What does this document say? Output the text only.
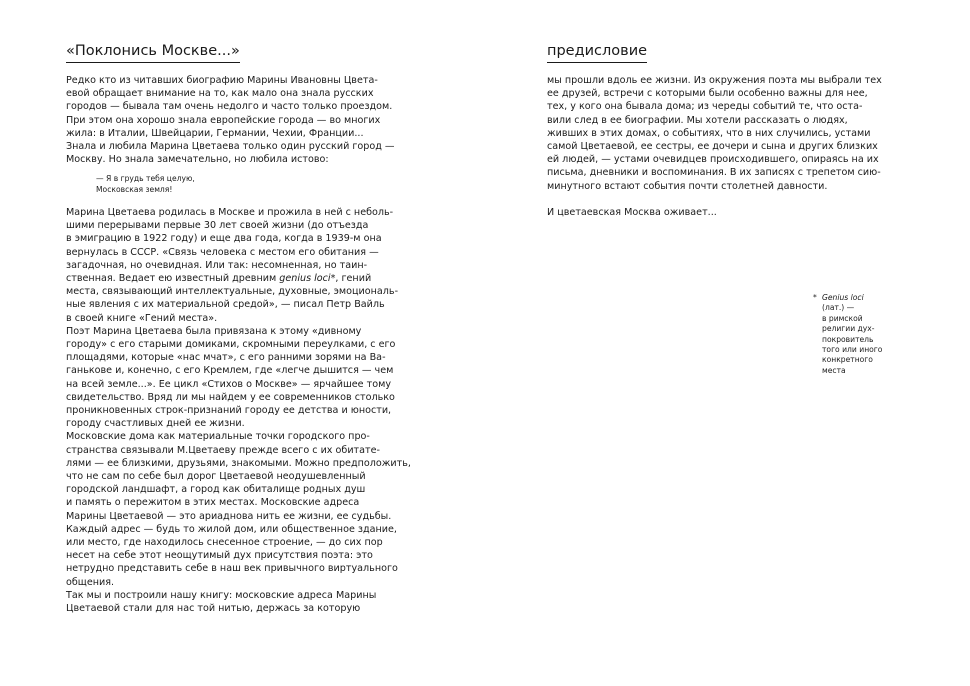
«Поклонись Москве...»

Редко кто из читавших биографию Марины Ивановны Цвета-
евой обращает внимание на то, как мало она знала русских
городов — бывала там очень недолго и часто только проездом.
При этом она хорошо знала европейские города — во многих
жила: в Италии, Швейцарии, Германии, Чехии, Франции...
Знала и любила Марина Цветаева только один русский город —
Москву. Но знала замечательно, но любила истово:

— Я в грудь тебя целую,
Московская земля!

Марина Цветаева родилась в Москве и прожила в ней с неболь-
шими перерывами первые 30 лет своей жизни (до отъезда
в эмиграцию в 1922 году) и еще два года, когда в 1939-м она
вернулась в СССР. «Связь человека с местом его обитания —
загадочная, но очевидная. Или так: несомненная, но таин-
ственная. Ведает ею известный древним genius loci*, гений
места, связывающий интеллектуальные, духовные, эмоциональ-
ные явления с их материальной средой», — писал Петр Вайль
в своей книге «Гений места».

Поэт Марина Цветаева была привязана к этому «дивному
городу» с его старыми домиками, скромными переулками, с его
площадями, которые «нас мчат», с его ранними зорями на Ва-
ганькове и, конечно, с его Кремлем, где «легче дышится — чем
на всей земле...». Ее цикл «Стихов о Москве» — ярчайшее тому
свидетельство. Вряд ли мы найдем у ее современников столько
проникновенных строк-признаний городу ее детства и юности,
городу счастливых дней ее жизни.

Московские дома как материальные точки городского про-
странства связывали М.Цветаеву прежде всего с их обитате-
лями — ее близкими, друзьями, знакомыми. Можно предположить,
что не сам по себе был дорог Цветаевой неодушевленный
городской ландшафт, а город как обиталище родных душ
и память о пережитом в этих местах. Московские адреса
Марины Цветаевой — это ариаднова нить ее жизни, ее судьбы.
Каждый адрес — будь то жилой дом, или общественное здание,
или место, где находилось снесенное строение, — до сих пор
несет на себе этот неощутимый дух присутствия поэта: это
нетрудно представить себе в наш век привычного виртуального
общения.

Так мы и построили нашу книгу: московские адреса Марины
Цветаевой стали для нас той нитью, держась за которую

предисловие

мы прошли вдоль ее жизни. Из окружения поэта мы выбрали тех
ее друзей, встречи с которыми были особенно важны для нее,
тех, у кого она бывала дома; из череды событий те, что оста-
вили след в ее биографии. Мы хотели рассказать о людях,
живших в этих домах, о событиях, что в них случились, устами
самой Цветаевой, ее сестры, ее дочери и сына и других близких
ей людей, — устами очевидцев происходившего, опираясь на их
письма, дневники и воспоминания. В их записях с трепетом сию-
минутного встают события почти столетней давности.

И цветаевская Москва оживает...

* Genius loci
(лат.) —
в римской
религии дух-
покровитель
того или иного
конкретного
места
